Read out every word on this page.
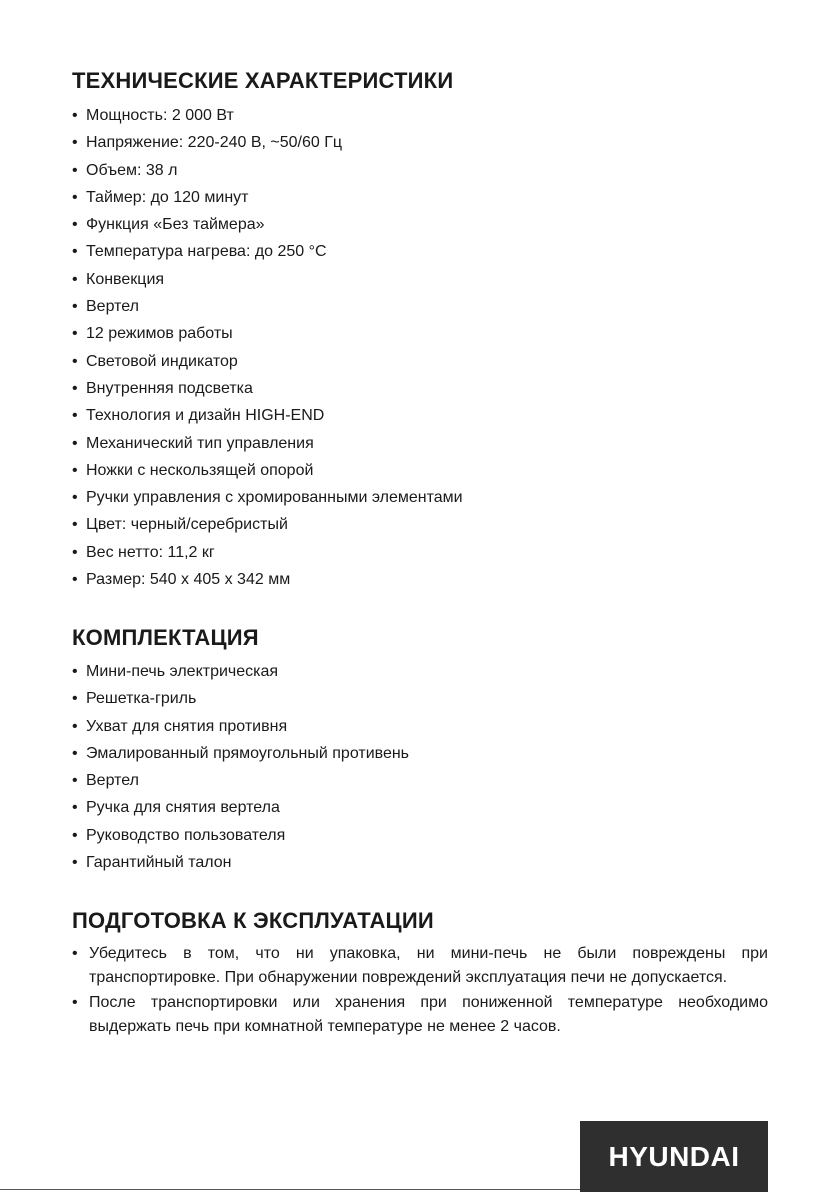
ТЕХНИЧЕСКИЕ ХАРАКТЕРИСТИКИ
• Мощность: 2 000 Вт
• Напряжение: 220-240 В, ~50/60 Гц
• Объем: 38 л
• Таймер: до 120 минут
• Функция «Без таймера»
• Температура нагрева: до 250 °С
• Конвекция
• Вертел
• 12 режимов работы
• Световой индикатор
• Внутренняя подсветка
• Технология и дизайн HIGH-END
• Механический тип управления
• Ножки с нескользящей опорой
• Ручки управления с хромированными элементами
• Цвет: черный/серебристый
• Вес нетто: 11,2 кг
• Размер: 540 х 405 х 342 мм
КОМПЛЕКТАЦИЯ
• Мини-печь электрическая
• Решетка-гриль
• Ухват для снятия противня
• Эмалированный прямоугольный противень
• Вертел
• Ручка для снятия вертела
• Руководство пользователя
• Гарантийный талон
ПОДГОТОВКА К ЭКСПЛУАТАЦИИ
• Убедитесь в том, что ни упаковка, ни мини-печь не были повреждены при транспортировке. При обнаружении повреждений эксплуатация печи не допускается.
• После транспортировки или хранения при пониженной температуре необходимо выдержать печь при комнатной температуре не менее 2 часов.
HYUNDAI
